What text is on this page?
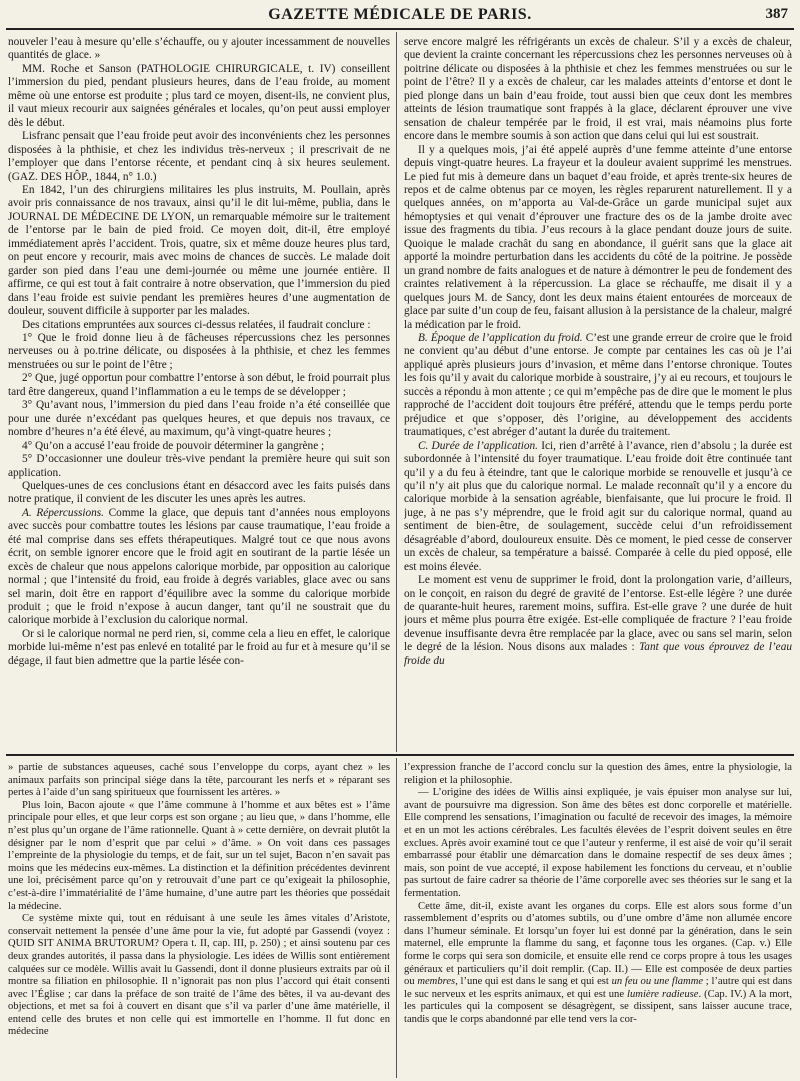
GAZETTE MÉDICALE DE PARIS.	387

nouveler l’eau à mesure qu’elle s’échauffe, ou y ajouter incessamment de nouvelles quantités de glace. »

MM. Roche et Sanson (PATHOLOGIE CHIRURGICALE, t. IV) conseillent l’immersion du pied, pendant plusieurs heures, dans de l’eau froide, au moment même où une entorse est produite ; plus tard ce moyen, disent-ils, ne convient plus, il vaut mieux recourir aux saignées générales et locales, qu’on peut aussi employer dès le début.

Lisfranc pensait que l’eau froide peut avoir des inconvénients chez les personnes disposées à la phthisie, et chez les individus très-nerveux ; il prescrivait de ne l’employer que dans l’entorse récente, et pendant cinq à six heures seulement. (GAZ. DES HÔP., 1844, n° 1.0.)

En 1842, l’un des chirurgiens militaires les plus instruits, M. Poullain, après avoir pris connaissance de nos travaux, ainsi qu’il le dit lui-même, publia, dans le JOURNAL DE MÉDECINE DE LYON, un remarquable mémoire sur le traitement de l’entorse par le bain de pied froid. Ce moyen doit, dit-il, être employé immédiatement après l’accident. Trois, quatre, six et même douze heures plus tard, on peut encore y recourir, mais avec moins de chances de succès. Le malade doit garder son pied dans l’eau une demi-journée ou même une journée entière. Il affirme, ce qui est tout à fait contraire à notre observation, que l’immersion du pied dans l’eau froide est suivie pendant les premières heures d’une augmentation de douleur, souvent difficile à supporter par les malades.

Des citations empruntées aux sources ci-dessus relatées, il faudrait conclure :

1° Que le froid donne lieu à de fâcheuses répercussions chez les personnes nerveuses ou à po.trine délicate, ou disposées à la phthisie, et chez les femmes menstruées ou sur le point de l’être ;

2° Que, jugé opportun pour combattre l’entorse à son début, le froid pourrait plus tard être dangereux, quand l’inflammation a eu le temps de se développer ;

3° Qu’avant nous, l’immersion du pied dans l’eau froide n’a été conseillée que pour une durée n’excédant pas quelques heures, et que depuis nos travaux, ce nombre d’heures n’a été élevé, au maximum, qu’à vingt-quatre heures ;

4° Qu’on a accusé l’eau froide de pouvoir déterminer la gangrène ;

5° D’occasionner une douleur très-vive pendant la première heure qui suit son application.

Quelques-unes de ces conclusions étant en désaccord avec les faits puisés dans notre pratique, il convient de les discuter les unes après les autres.

A. Répercussions. Comme la glace, que depuis tant d’années nous employons avec succès pour combattre toutes les lésions par cause traumatique, l’eau froide a été mal comprise dans ses effets thérapeutiques. Malgré tout ce que nous avons écrit, on semble ignorer encore que le froid agit en soutirant de la partie lésée un excès de chaleur que nous appelons calorique morbide, par opposition au calorique normal ; que l’intensité du froid, eau froide à degrés variables, glace avec ou sans sel marin, doit être en rapport d’équilibre avec la somme du calorique morbide produit ; que le froid n’expose à aucun danger, tant qu’il ne soustrait que du calorique morbide à l’exclusion du calorique normal.

Or si le calorique normal ne perd rien, si, comme cela a lieu en effet, le calorique morbide lui-même n’est pas enlevé en totalité par le froid au fur et à mesure qu’il se dégage, il faut bien admettre que la partie lésée con-

serve encore malgré les réfrigérants un excès de chaleur. S’il y a excès de chaleur, que devient la crainte concernant les répercussions chez les personnes nerveuses où à poitrine délicate ou disposées à la phthisie et chez les femmes menstruées ou sur le point de l’être? Il y a excès de chaleur, car les malades atteints d’entorse et dont le pied plonge dans un bain d’eau froide, tout aussi bien que ceux dont les membres atteints de lésion traumatique sont frappés à la glace, déclarent éprouver une vive sensation de chaleur tempérée par le froid, il est vrai, mais néamoins plus forte encore dans le membre soumis à son action que dans celui qui lui est soustrait.

Il y a quelques mois, j’ai été appelé auprès d’une femme atteinte d’une entorse depuis vingt-quatre heures. La frayeur et la douleur avaient supprimé les menstrues. Le pied fut mis à demeure dans un baquet d’eau froide, et après trente-six heures de repos et de calme obtenus par ce moyen, les règles reparurent naturellement. Il y a quelques années, on m’apporta au Val-de-Grâce un garde municipal sujet aux hémoptysies et qui venait d’éprouver une fracture des os de la jambe droite avec issue des fragments du tibia. J’eus recours à la glace pendant douze jours de suite. Quoique le malade crachât du sang en abondance, il guérit sans que la glace ait apporté la moindre perturbation dans les accidents du côté de la poitrine. Je possède un grand nombre de faits analogues et de nature à démontrer le peu de fondement des craintes relativement à la répercussion. La glace se réchauffe, me disait il y a quelques jours M. de Sancy, dont les deux mains étaient entourées de morceaux de glace par suite d’un coup de feu, faisant allusion à la persistance de la chaleur, malgré la médication par le froid.

B. Époque de l’application du froid. C’est une grande erreur de croire que le froid ne convient qu’au début d’une entorse. Je compte par centaines les cas où je l’ai appliqué après plusieurs jours d’invasion, et même dans l’entorse chronique. Toutes les fois qu’il y avait du calorique morbide à soustraire, j’y ai eu recours, et toujours le succès a répondu à mon attente ; ce qui m’empêche pas de dire que le moment le plus rapproché de l’accident doit toujours être préféré, attendu que le temps perdu porte préjudice et que s’opposer, dès l’origine, au développement des accidents traumatiques, c’est abréger d’autant la durée du traitement.

C. Durée de l’application. Ici, rien d’arrêté à l’avance, rien d’absolu ; la durée est subordonnée à l’intensité du foyer traumatique. L’eau froide doit être continuée tant qu’il y a du feu à éteindre, tant que le calorique morbide se renouvelle et jusqu’à ce qu’il n’y ait plus que du calorique normal. Le malade reconnaît qu’il y a encore du calorique morbide à la sensation agréable, bienfaisante, que lui procure le froid. Il juge, à ne pas s’y méprendre, que le froid agit sur du calorique normal, quand au sentiment de bien-être, de soulagement, succède celui d’un refroidissement désagréable d’abord, douloureux ensuite. Dès ce moment, le pied cesse de conserver un excès de chaleur, sa température a baissé. Comparée à celle du pied opposé, elle est moins élevée.

Le moment est venu de supprimer le froid, dont la prolongation varie, d’ailleurs, on le conçoit, en raison du degré de gravité de l’entorse. Est-elle légère ? une durée de quarante-huit heures, rarement moins, suffira. Est-elle grave ? une durée de huit jours et même plus pourra être exigée. Est-elle compliquée de fracture ? l’eau froide devenue insuffisante devra être remplacée par la glace, avec ou sans sel marin, selon le degré de la lésion. Nous disons aux malades : Tant que vous éprouvez de l’eau froide du

» partie de substances aqueuses, caché sous l’enveloppe du corps, ayant chez » les animaux parfaits son principal siége dans la tête, parcourant les nerfs et » réparant ses pertes à l’aide d’un sang spiritueux que fournissent les artères. »

Plus loin, Bacon ajoute « que l’âme commune à l’homme et aux bêtes est » l’âme principale pour elles, et que leur corps est son organe ; au lieu que, » dans l’homme, elle n’est plus qu’un organe de l’âme rationnelle. Quant à » cette dernière, on devrait plutôt la désigner par le nom d’esprit que par celui » d’âme. » On voit dans ces passages l’empreinte de la physiologie du temps, et de fait, sur un tel sujet, Bacon n’en savait pas moins que les médecins eux-mêmes. La distinction et la définition précédentes devinrent une loi, précisément parce qu’on y retrouvait d’une part ce qu’exigeait la philosophie, c’est-à-dire l’immatérialité de l’âme humaine, d’une autre part les théories que possédait la médecine.

Ce système mixte qui, tout en réduisant à une seule les âmes vitales d’Aristote, conservait nettement la pensée d’une âme pour la vie, fut adopté par Gassendi (voyez : QUID SIT ANIMA BRUTORUM? Opera t. II, cap. III, p. 250) ; et ainsi soutenu par ces deux grandes autorités, il passa dans la physiologie. Les idées de Willis sont entièrement calquées sur ce modèle. Willis avait lu Gassendi, dont il donne plusieurs extraits par où il montre sa filiation en philosophie. Il n’ignorait pas non plus l’accord qui était consenti avec l’Église ; car dans la préface de son traité de l’âme des bêtes, il va au-devant des objections, et met sa foi à couvert en disant que s’il va parler d’une âme matérielle, il entend celle des brutes et non celle qui est immortelle en l’homme. Il fut donc en médecine

l’expression franche de l’accord conclu sur la question des âmes, entre la physiologie, la religion et la philosophie.

— L’origine des idées de Willis ainsi expliquée, je vais épuiser mon analyse sur lui, avant de poursuivre ma digression. Son âme des bêtes est donc corporelle et matérielle. Elle comprend les sensations, l’imagination ou faculté de recevoir des images, la mémoire et en un mot les actions cérébrales. Les facultés élevées de l’esprit doivent seules en être exclues. Après avoir examiné tout ce que l’auteur y renferme, il est aisé de voir qu’il serait embarrassé pour établir une démarcation dans le domaine respectif de ses deux âmes ; mais, son point de vue accepté, il expose habilement les fonctions du cerveau, et n’oublie pas surtout de faire cadrer sa théorie de l’âme corporelle avec ses théories sur le sang et la fermentation.

Cette âme, dit-il, existe avant les organes du corps. Elle est alors sous forme d’un rassemblement d’esprits ou d’atomes subtils, ou d’une ombre d’âme non allumée encore dans l’humeur séminale. Et lorsqu’un foyer lui est donné par la génération, dans le sein maternel, elle emprunte la flamme du sang, et façonne tous les organes. (Cap. v.) Elle forme le corps qui sera son domicile, et ensuite elle rend ce corps propre à tous les usages généraux et particuliers qu’il doit remplir. (Cap. II.) — Elle est composée de deux parties ou membres, l’une qui est dans le sang et qui est un feu ou une flamme ; l’autre qui est dans le suc nerveux et les esprits animaux, et qui est une lumière radieuse. (Cap. IV.) A la mort, les particules qui la composent se désagrègent, se dissipent, sans laisser aucune trace, tandis que le corps abandonné par elle tend vers la cor-
